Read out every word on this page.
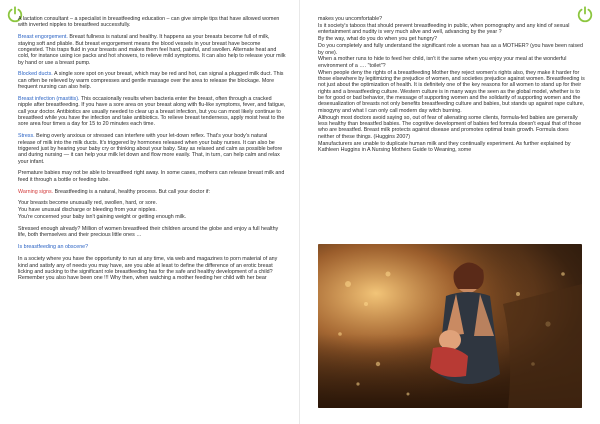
A lactation consultant – a specialist in breastfeeding education – can give simple tips that have allowed women with inverted nipples to breastfeed successfully.

Breast engorgement. Breast fullness is natural and healthy. It happens as your breasts become full of milk, staying soft and pliable. But breast engorgement means the blood vessels in your breast have become congested. This traps fluid in your breasts and makes them feel hard, painful, and swollen. Alternate heat and cold, for instance using ice packs and hot showers, to relieve mild symptoms. It can also help to release your milk by hand or use a breast pump.

Blocked ducts. A single sore spot on your breast, which may be red and hot, can signal a plugged milk duct. This can often be relieved by warm compresses and gentle massage over the area to release the blockage. More frequent nursing can also help.

Breast infection (mastitis). This occasionally results when bacteria enter the breast, often through a cracked nipple after breastfeeding. If you have a sore area on your breast along with flu-like symptoms, fever, and fatigue, call your doctor. Antibiotics are usually needed to clear up a breast infection, but you can most likely continue to breastfeed while you have the infection and take antibiotics. To relieve breast tenderness, apply moist heat to the sore area four times a day for 15 to 20 minutes each time.

Stress. Being overly anxious or stressed can interfere with your let-down reflex. That's your body's natural release of milk into the milk ducts. It's triggered by hormones released when your baby nurses. It can also be triggered just by hearing your baby cry or thinking about your baby. Stay as relaxed and calm as possible before and during nursing — it can help your milk let down and flow more easily. That, in turn, can help calm and relax your infant.

Premature babies may not be able to breastfeed right away. In some cases, mothers can release breast milk and feed it through a bottle or feeding tube.

Warning signs. Breastfeeding is a natural, healthy process. But call your doctor if:

Your breasts become unusually red, swollen, hard, or sore.

You have unusual discharge or bleeding from your nipples.

You're concerned your baby isn't gaining weight or getting enough milk.

Stressed enough already? Million of women breastfeed their children around the globe and enjoy a full healthy life, both themselves and their precious little ones …

Is breastfeeding an obscene?

In a society where you have the opportunity to run at any time, via web and magazines to porn material of any kind and satisfy any of needs you may have, are you able at least to define the difference of an erotic breast licking and sucking to the significant role breastfeeding has for the safe and healthy development of a child? Remember you also have been one !!! Why then, when watching a mother feeding her child with her bear

makes you uncomfortable?

Is it society's taboos that should prevent breastfeeding in public, when pornography and any kind of sexual entertainment and nudity is very much alive and well, advancing by the year ?

By the way, what do you do when you get hungry?

Do you completely and fully understand the significant role a woman has as a MOTHER? (you have been raised by one).

When a mother runs to hide to feed her child, isn't it the same when you enjoy your meal at the wonderful environment of a …. "toilet"?

When people deny the rights of a breastfeeding Mother they reject women's rights also, they make it harder for those elsewhere by legitimizing the prejudice of women, and societies prejudice against women. Breastfeeding is not just about the optimization of health. It is definitely one of the key reasons for all women to stand up for their rights and a breastfeeding culture. Western culture is in many ways the seen as the global model, whether is to be for good or bad behavior, the message of supporting women and the solidarity of supporting women and the desexualization of breasts not only benefits breastfeeding culture and babies, but stands up against rape culture, misogyny and what I can only call modern day witch burning.

Although most doctors avoid saying so, out of fear of alienating some clients, formula-fed babies are generally less healthy than breastfed babies. The cognitive development of babies fed formula doesn't equal that of those who are breastfed. Breast milk protects against disease and promotes optimal brain growth. Formula does neither of these things. (Huggins 2007)

Manufacturers are unable to duplicate human milk and they continually experiment. As further explained by Kathleen Huggins in A Nursing Mothers Guide to Weaning, some
